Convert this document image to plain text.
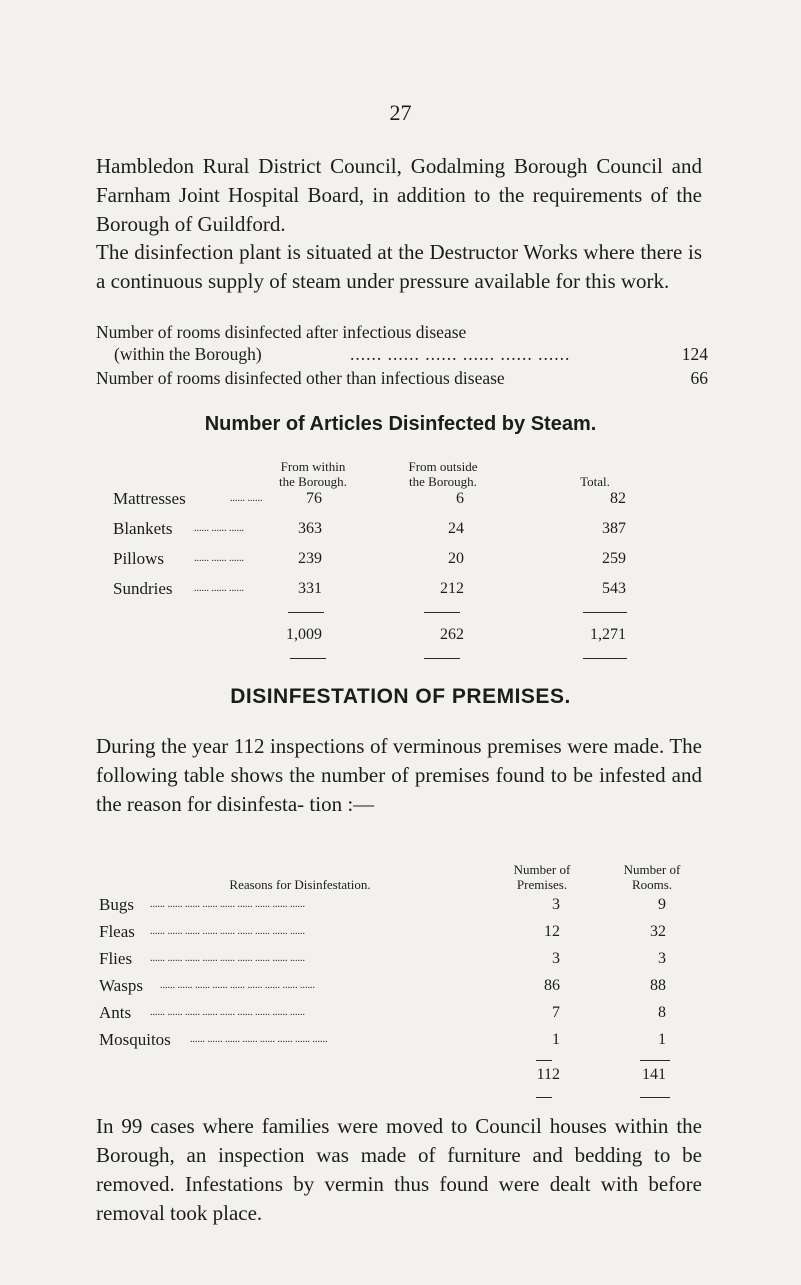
27
Hambledon Rural District Council, Godalming Borough Council and Farnham Joint Hospital Board, in addition to the requirements of the Borough of Guildford.
The disinfection plant is situated at the Destructor Works where there is a continuous supply of steam under pressure available for this work.
Number of rooms disinfected after infectious disease
(within the Borough)	...... ...... ...... ...... ...... ......	124
Number of rooms disinfected other than infectious disease	66
Number of Articles Disinfected by Steam.
From within
the Borough.
From outside
the Borough.	Total.
Mattresses	...... ......	76	6	82
Blankets ...... ...... ......	363	24	387
Pillows	...... ...... ......	239	20	259
Sundries ...... ...... ......	331	212	543
1,009	262	1,271
DISINFESTATION OF PREMISES.
During the year 112 inspections of verminous premises were made. The following table shows the number of premises found to be infested and the reason for disinfesta- tion :—
Reasons for Disinfestation.
Number of
Premises.
Number of
Rooms.
Bugs ...... ...... ...... ...... ...... ...... ...... ...... ......	3	9
Fleas ...... ...... ...... ...... ...... ...... ...... ...... ......	12	32
Flies ...... ...... ...... ...... ...... ...... ...... ...... ......	3	3
Wasps ...... ...... ...... ...... ...... ...... ...... ...... ......	86	88
Ants ...... ...... ...... ...... ...... ...... ...... ...... ......	7	8
Mosquitos ...... ...... ...... ...... ...... ...... ...... ......	1	1
112	141
In 99 cases where families were moved to Council houses within the Borough, an inspection was made of furniture and bedding to be removed. Infestations by vermin thus found were dealt with before removal took place.
